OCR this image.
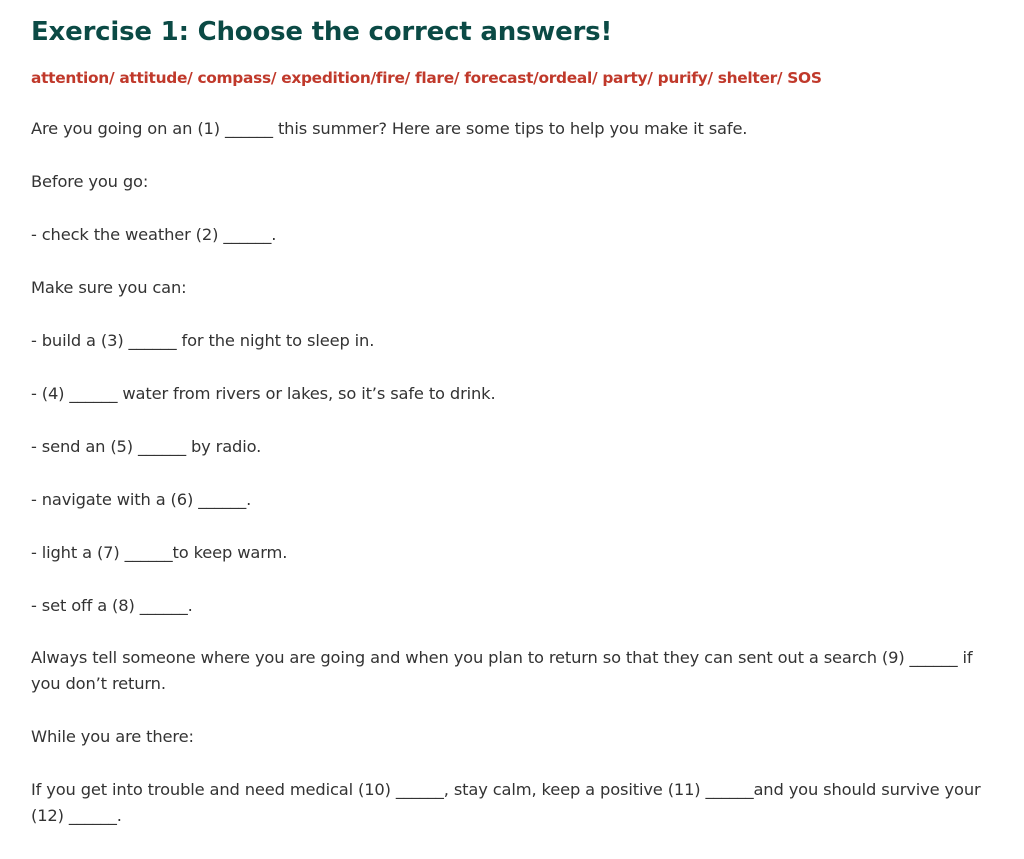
Exercise 1: Choose the correct answers!

attention/ attitude/ compass/ expedition/fire/ flare/ forecast/ordeal/ party/ purify/ shelter/ SOS

Are you going on an (1) ______ this summer? Here are some tips to help you make it safe.

Before you go:

- check the weather (2) ______.

Make sure you can:

- build a (3) ______ for the night to sleep in.

- (4) ______ water from rivers or lakes, so it’s safe to drink.

- send an (5) ______ by radio.

- navigate with a (6) ______.

- light a (7) ______to keep warm.

- set off a (8) ______.

Always tell someone where you are going and when you plan to return so that they can sent out a search (9) ______ if you don’t return.

While you are there:

If you get into trouble and need medical (10) ______, stay calm, keep a positive (11) ______and you should survive your (12) ______.
